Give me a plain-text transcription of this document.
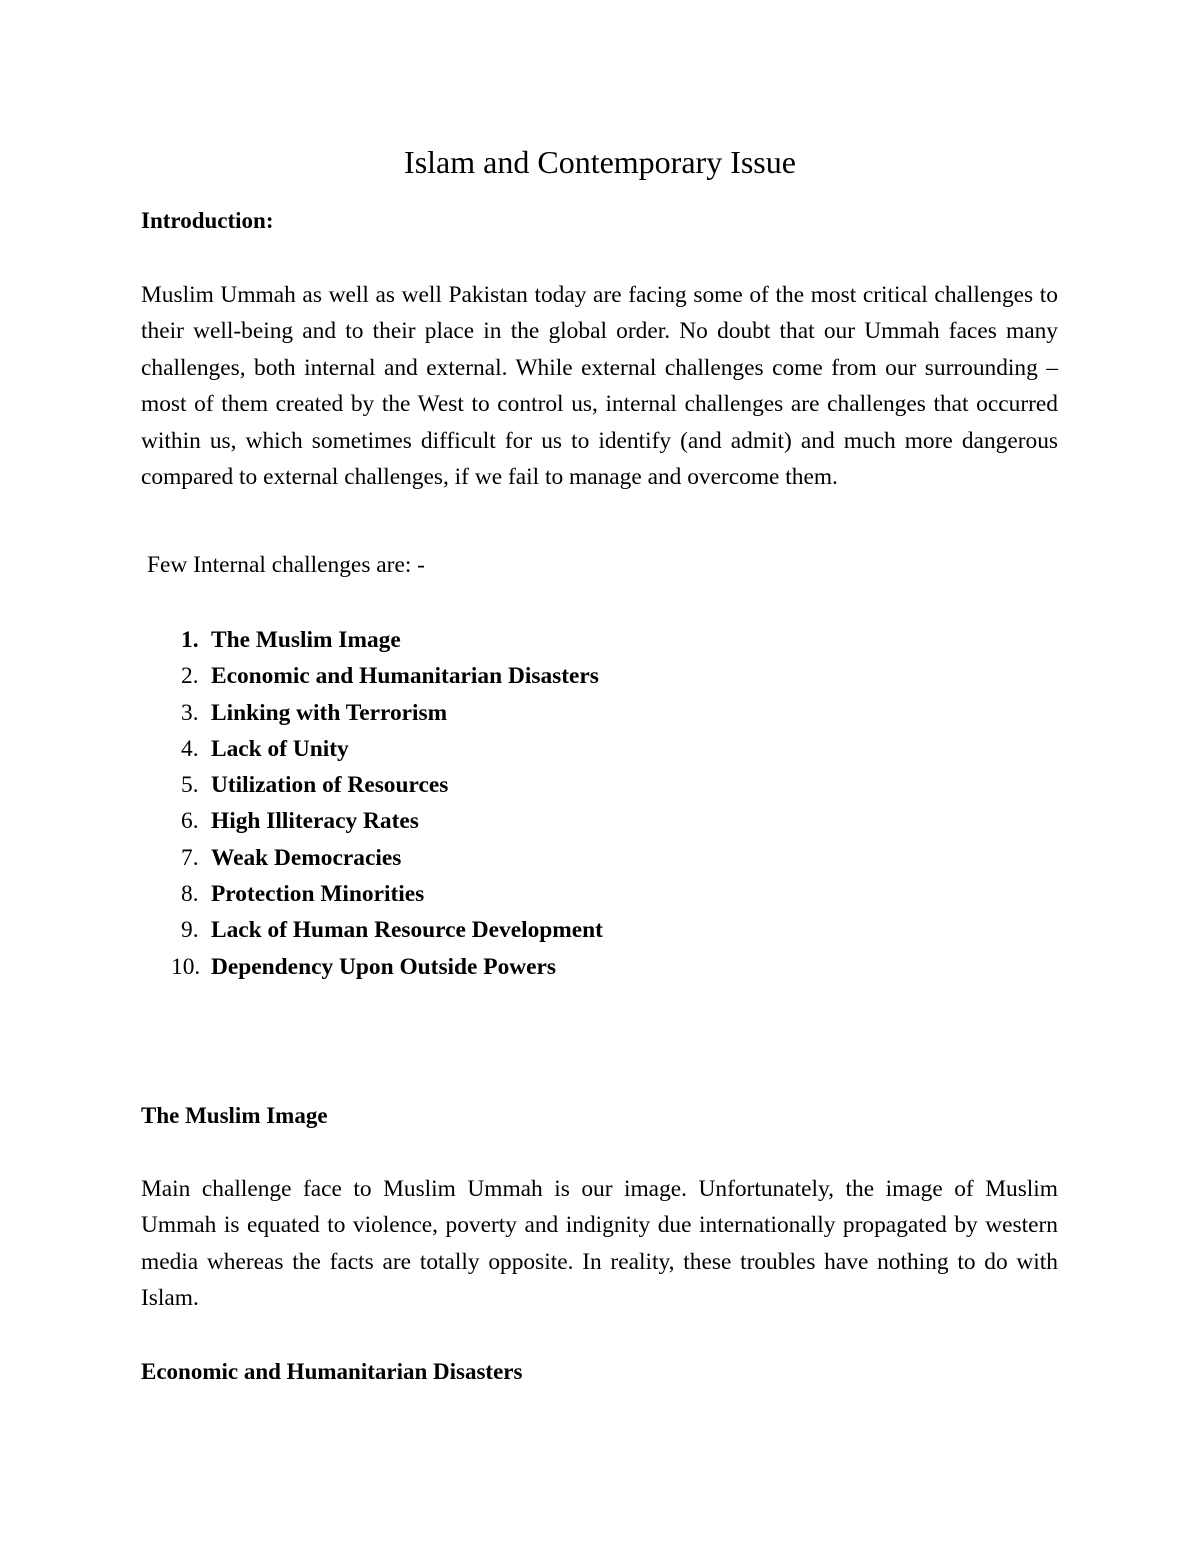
Islam and Contemporary Issue

Introduction:

Muslim Ummah as well as well Pakistan today are facing some of the most critical challenges to their well-being and to their place in the global order. No doubt that our Ummah faces many challenges, both internal and external. While external challenges come from our surrounding – most of them created by the West to control us, internal challenges are challenges that occurred within us, which sometimes difficult for us to identify (and admit) and much more dangerous compared to external challenges, if we fail to manage and overcome them.

Few Internal challenges are: -

1. The Muslim Image
2. Economic and Humanitarian Disasters
3. Linking with Terrorism
4. Lack of Unity
5. Utilization of Resources
6. High Illiteracy Rates
7. Weak Democracies
8. Protection Minorities
9. Lack of Human Resource Development
10. Dependency Upon Outside Powers

The Muslim Image

Main challenge face to Muslim Ummah is our image. Unfortunately, the image of Muslim Ummah is equated to violence, poverty and indignity due internationally propagated by western media whereas the facts are totally opposite. In reality, these troubles have nothing to do with Islam.

Economic and Humanitarian Disasters
